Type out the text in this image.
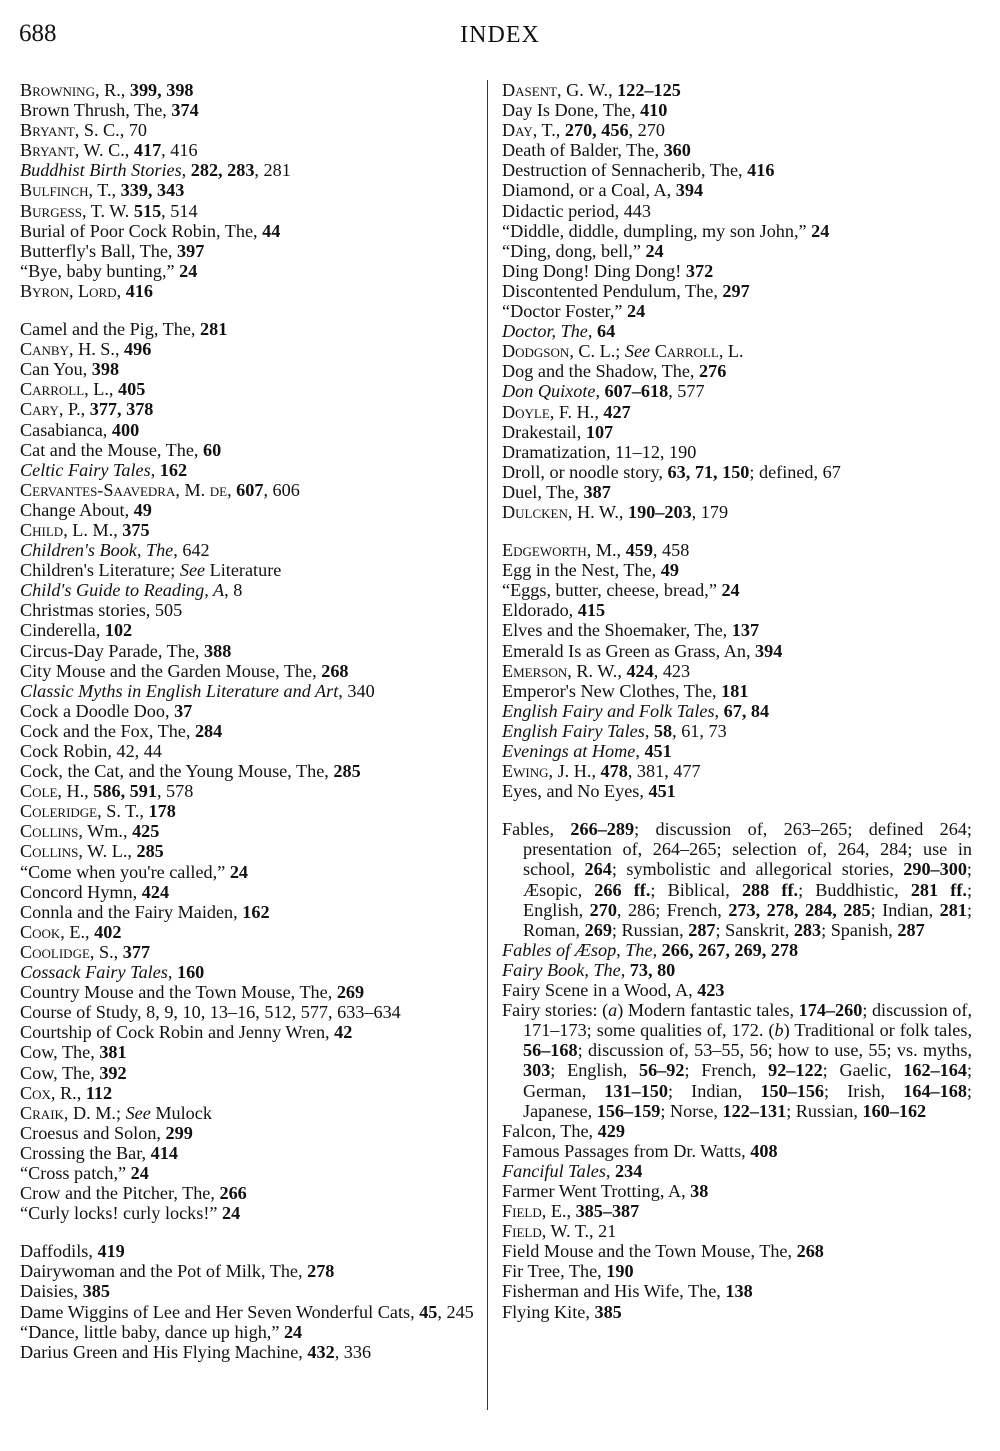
688	INDEX
Browning, R., 399, 398
Brown Thrush, The, 374
Bryant, S. C., 70
Bryant, W. C., 417, 416
Buddhist Birth Stories, 282, 283, 281
Bulfinch, T., 339, 343
Burgess, T. W. 515, 514
Burial of Poor Cock Robin, The, 44
Butterfly's Ball, The, 397
“Bye, baby bunting,” 24
Byron, Lord, 416
Camel and the Pig, The, 281
Canby, H. S., 496
Can You, 398
Carroll, L., 405
Cary, P., 377, 378
Casabianca, 400
Cat and the Mouse, The, 60
Celtic Fairy Tales, 162
Cervantes-Saavedra, M. de, 607, 606
Change About, 49
Child, L. M., 375
Children's Book, The, 642
Children's Literature; See Literature
Child's Guide to Reading, A, 8
Christmas stories, 505
Cinderella, 102
Circus-Day Parade, The, 388
City Mouse and the Garden Mouse, The, 268
Classic Myths in English Literature and Art, 340
Cock a Doodle Doo, 37
Cock and the Fox, The, 284
Cock Robin, 42, 44
Cock, the Cat, and the Young Mouse, The, 285
Cole, H., 586, 591, 578
Coleridge, S. T., 178
Collins, Wm., 425
Collins, W. L., 285
“Come when you're called,” 24
Concord Hymn, 424
Connla and the Fairy Maiden, 162
Cook, E., 402
Coolidge, S., 377
Cossack Fairy Tales, 160
Country Mouse and the Town Mouse, The, 269
Course of Study, 8, 9, 10, 13–16, 512, 577, 633–634
Courtship of Cock Robin and Jenny Wren, 42
Cow, The, 381
Cow, The, 392
Cox, R., 112
Craik, D. M.; See Mulock
Croesus and Solon, 299
Crossing the Bar, 414
“Cross patch,” 24
Crow and the Pitcher, The, 266
“Curly locks! curly locks!” 24
Daffodils, 419
Dairywoman and the Pot of Milk, The, 278
Daisies, 385
Dame Wiggins of Lee and Her Seven Wonderful Cats, 45, 245
“Dance, little baby, dance up high,” 24
Darius Green and His Flying Machine, 432, 336
Dasent, G. W., 122–125
Day Is Done, The, 410
Day, T., 270, 456, 270
Death of Balder, The, 360
Destruction of Sennacherib, The, 416
Diamond, or a Coal, A, 394
Didactic period, 443
“Diddle, diddle, dumpling, my son John,” 24
“Ding, dong, bell,” 24
Ding Dong! Ding Dong! 372
Discontented Pendulum, The, 297
“Doctor Foster,” 24
Doctor, The, 64
Dodgson, C. L.; See Carroll, L.
Dog and the Shadow, The, 276
Don Quixote, 607–618, 577
Doyle, F. H., 427
Drakestail, 107
Dramatization, 11–12, 190
Droll, or noodle story, 63, 71, 150; defined, 67
Duel, The, 387
Dulcken, H. W., 190–203, 179
Edgeworth, M., 459, 458
Egg in the Nest, The, 49
“Eggs, butter, cheese, bread,” 24
Eldorado, 415
Elves and the Shoemaker, The, 137
Emerald Is as Green as Grass, An, 394
Emerson, R. W., 424, 423
Emperor's New Clothes, The, 181
English Fairy and Folk Tales, 67, 84
English Fairy Tales, 58, 61, 73
Evenings at Home, 451
Ewing, J. H., 478, 381, 477
Eyes, and No Eyes, 451
Fables, 266–289; discussion of, 263–265; defined 264; presentation of, 264–265; selection of, 264, 284; use in school, 264; symbolistic and allegorical stories, 290–300; Æsopic, 266 ff.; Biblical, 288 ff.; Buddhistic, 281 ff.; English, 270, 286; French, 273, 278, 284, 285; Indian, 281; Roman, 269; Russian, 287; Sanskrit, 283; Spanish, 287
Fables of Æsop, The, 266, 267, 269, 278
Fairy Book, The, 73, 80
Fairy Scene in a Wood, A, 423
Fairy stories: (a) Modern fantastic tales, 174–260; discussion of, 171–173; some qualities of, 172. (b) Traditional or folk tales, 56–168; discussion of, 53–55, 56; how to use, 55; vs. myths, 303; English, 56–92; French, 92–122; Gaelic, 162–164; German, 131–150; Indian, 150–156; Irish, 164–168; Japanese, 156–159; Norse, 122–131; Russian, 160–162
Falcon, The, 429
Famous Passages from Dr. Watts, 408
Fanciful Tales, 234
Farmer Went Trotting, A, 38
Field, E., 385–387
Field, W. T., 21
Field Mouse and the Town Mouse, The, 268
Fir Tree, The, 190
Fisherman and His Wife, The, 138
Flying Kite, 385
